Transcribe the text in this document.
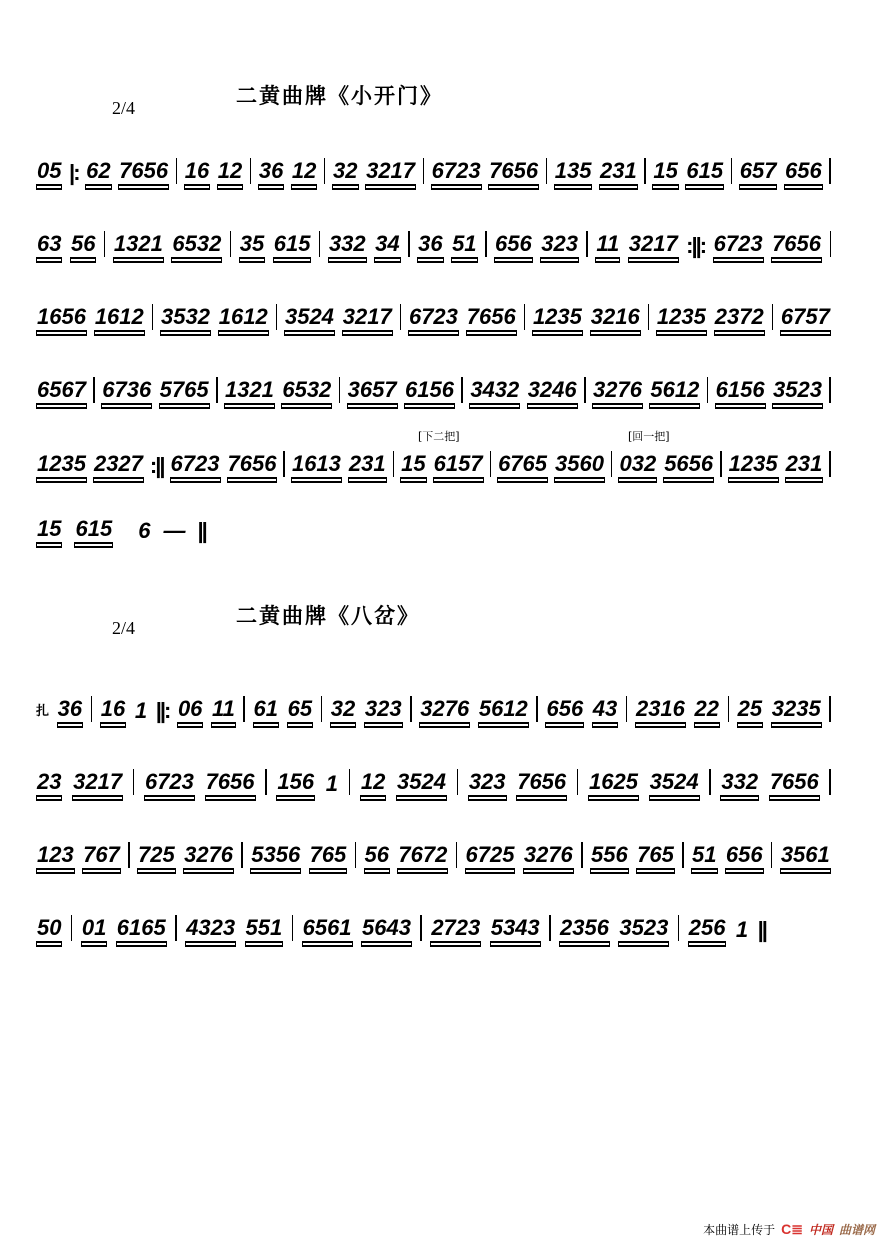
二黄曲牌《小开门》
2/4
05 |: 62 7656 16 12 36 12 32 3217 6723 7656 135 231 15 615 657 656
63 56 1321 6532 35 615 332 34 36 51 656 323 11 3217 :||: 6723 7656
1656 1612 3532 1612 3524 3217 6723 7656 1235 3216 1235 2372 6757
6567 6736 5765 1321 6532 3657 6156 3432 3246 3276 5612 6156 3523
1235 2327 :|| 6723 7656 1613 231 15 6157 6765 3560 032 5656 1235 231
15 615 6 — ||
[下二把]	[回一把]
二黄曲牌《八岔》
2/4
扎 36 16 1 ||: 06 11 61 65 32 323 3276 5612 656 43 2316 22 25 3235
23 3217 6723 7656 156 1 12 3524 323 7656 1625 3524 332 7656
123 767 725 3276 5356 765 56 7672 6725 3276 556 765 51 656 3561
50 01 6165 4323 551 6561 5643 2723 5343 2356 3523 256 1 ||
本曲谱上传于 C≣ 中国 曲谱网
